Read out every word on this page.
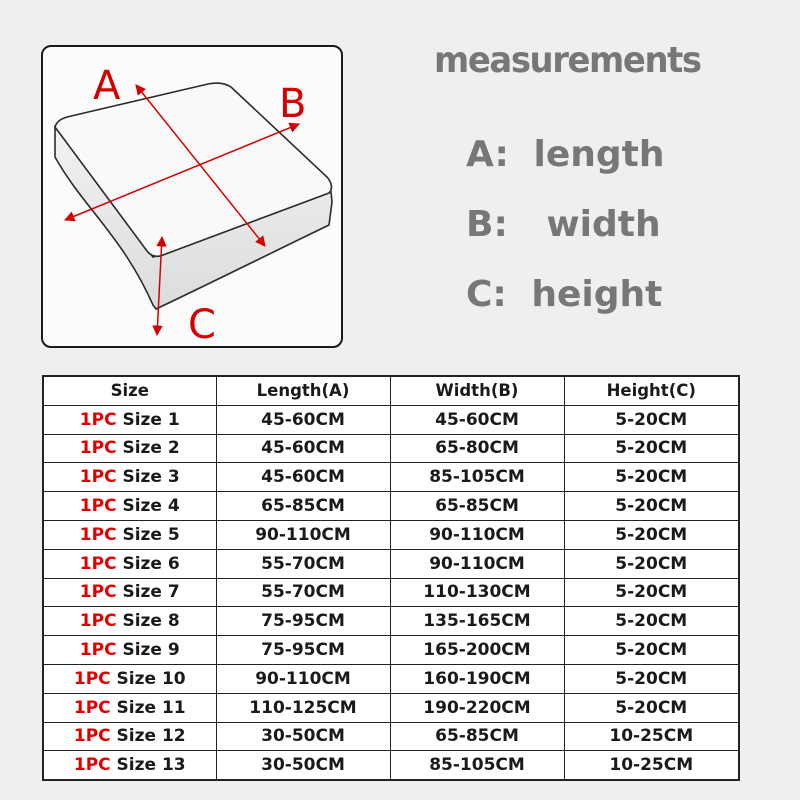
A	B
C
measurements
A: length
B: width
C: height
Size	Length(A)	Width(B)	Height(C)
1PC Size 1	45-60CM	45-60CM	5-20CM
1PC Size 2	45-60CM	65-80CM	5-20CM
1PC Size 3	45-60CM	85-105CM	5-20CM
1PC Size 4	65-85CM	65-85CM	5-20CM
1PC Size 5	90-110CM	90-110CM	5-20CM
1PC Size 6	55-70CM	90-110CM	5-20CM
1PC Size 7	55-70CM	110-130CM	5-20CM
1PC Size 8	75-95CM	135-165CM	5-20CM
1PC Size 9	75-95CM	165-200CM	5-20CM
1PC Size 10	90-110CM	160-190CM	5-20CM
1PC Size 11	110-125CM	190-220CM	5-20CM
1PC Size 12	30-50CM	65-85CM	10-25CM
1PC Size 13	30-50CM	85-105CM	10-25CM
